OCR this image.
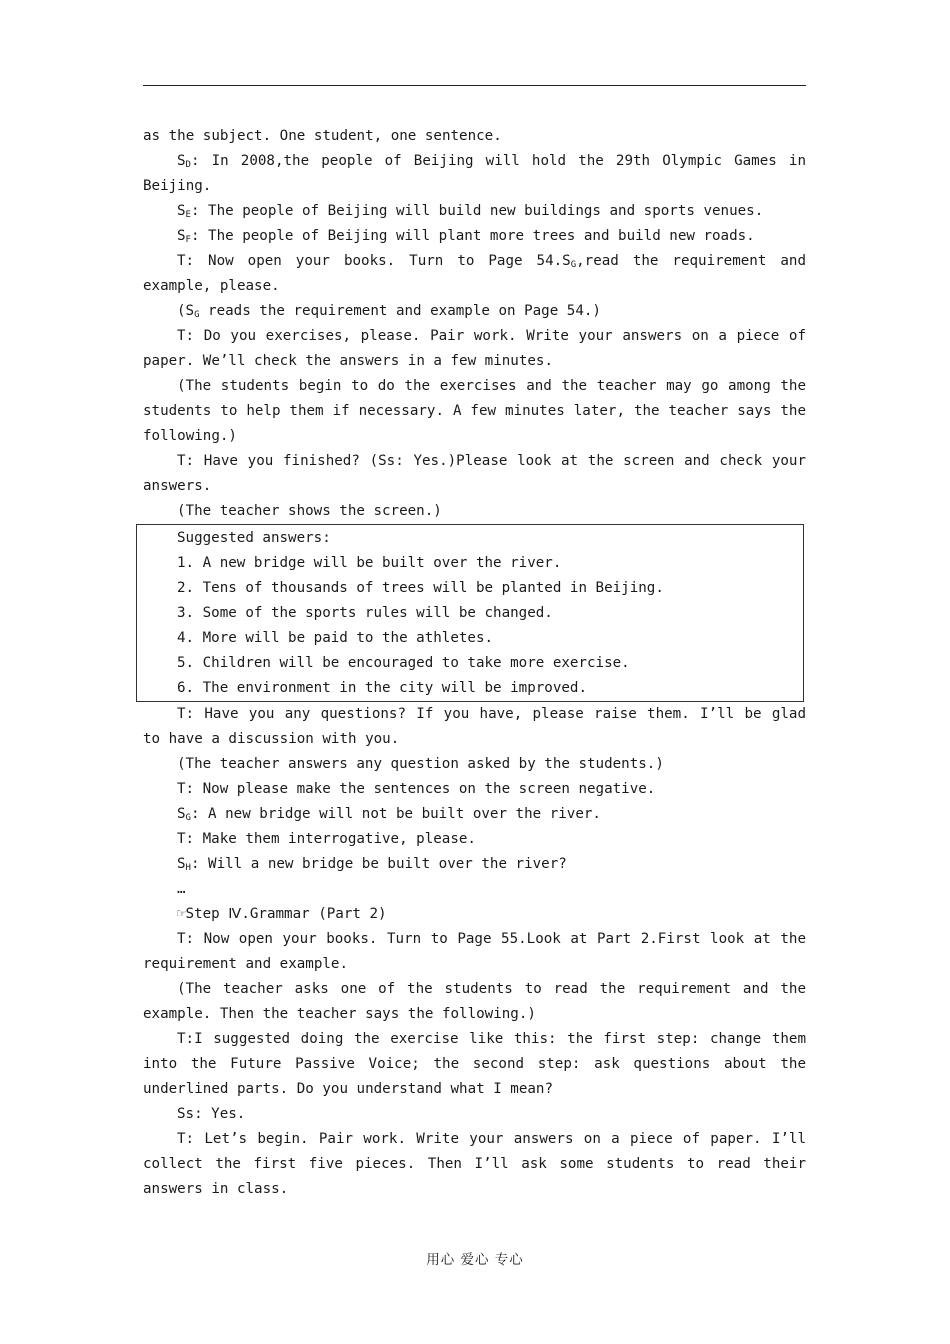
as the subject. One student, one sentence.

$S_D$: In 2008,the people of Beijing will hold the 29th Olympic Games in Beijing.

$S_E$: The people of Beijing will build new buildings and sports venues.

$S_F$: The people of Beijing will plant more trees and build new roads.

T: Now open your books. Turn to Page $54.S_G,read$ the requirement and example, please.

($S_G$ reads the requirement and example on Page 54.)

T: Do you exercises, please. Pair work. Write your answers on a piece of paper. We’ll check the answers in a few minutes.

(The students begin to do the exercises and the teacher may go among the students to help them if necessary. A few minutes later, the teacher says the following.)

T: Have you finished? (Ss: Yes.)Please look at the screen and check your answers.

(The teacher shows the screen.)

Suggested answers:

1. A new bridge will be built over the river.

2. Tens of thousands of trees will be planted in Beijing.

3. Some of the sports rules will be changed.

4. More will be paid to the athletes.

5. Children will be encouraged to take more exercise.

6. The environment in the city will be improved.

T: Have you any questions? If you have, please raise them. I’ll be glad to have a discussion with you.

(The teacher answers any question asked by the students.)

T: Now please make the sentences on the screen negative.

$S_G$: A new bridge will not be built over the river.

T: Make them interrogative, please.

$S_H$: Will a new bridge be built over the river?

…

☞Step Ⅳ.Grammar (Part 2)

T: Now open your books. Turn to Page 55.Look at Part 2.First look at the requirement and example.

(The teacher asks one of the students to read the requirement and the example. Then the teacher says the following.)

T:I suggested doing the exercise like this: the first step: change them into the Future Passive Voice; the second step: ask questions about the underlined parts. Do you understand what I mean?

Ss: Yes.

T: Let’s begin. Pair work. Write your answers on a piece of paper. I’ll collect the first five pieces. Then I’ll ask some students to read their answers in class.

用心 爱心 专心
